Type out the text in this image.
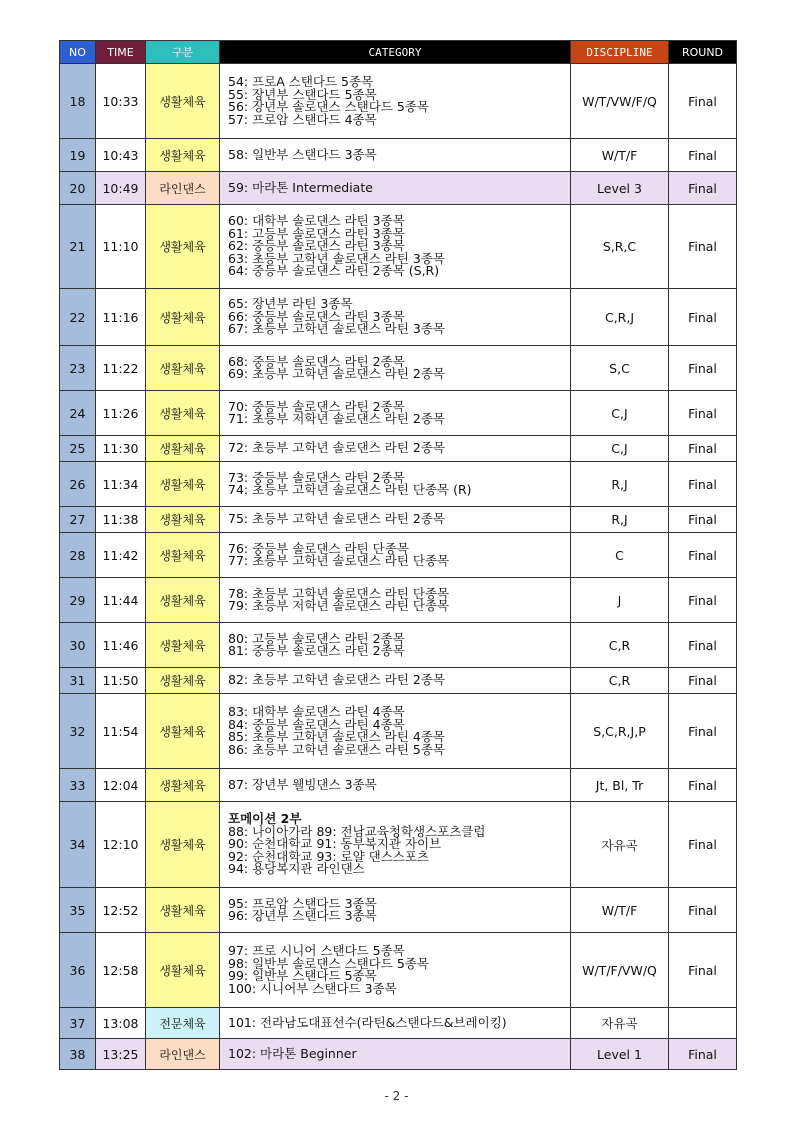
NO	TIME	구분	CATEGORY	DISCIPLINE	ROUND
18	10:33	생활체육	54: 프로A 스탠다드 5종목
55: 장년부 스탠다드 5종목
56: 장년부 솔로댄스 스탠다드 5종목
57: 프로암 스탠다드 4종목	W/T/VW/F/Q	Final
19	10:43	생활체육	58: 일반부 스탠다드 3종목	W/T/F	Final
20	10:49	라인댄스	59: 마라톤 Intermediate	Level 3	Final
21	11:10	생활체육	60: 대학부 솔로댄스 라틴 3종목
61: 고등부 솔로댄스 라틴 3종목
62: 중등부 솔로댄스 라틴 3종목
63: 초등부 고학년 솔로댄스 라틴 3종목
64: 중등부 솔로댄스 라틴 2종목 (S,R)	S,R,C	Final
22	11:16	생활체육	65: 장년부 라틴 3종목
66: 중등부 솔로댄스 라틴 3종목
67: 초등부 고학년 솔로댄스 라틴 3종목	C,R,J	Final
23	11:22	생활체육	68: 중등부 솔로댄스 라틴 2종목
69: 초등부 고학년 솔로댄스 라틴 2종목	S,C	Final
24	11:26	생활체육	70: 중등부 솔로댄스 라틴 2종목
71: 초등부 저학년 솔로댄스 라틴 2종목	C,J	Final
25	11:30	생활체육	72: 초등부 고학년 솔로댄스 라틴 2종목	C,J	Final
26	11:34	생활체육	73: 중등부 솔로댄스 라틴 2종목
74: 초등부 고학년 솔로댄스 라틴 단종목 (R)	R,J	Final
27	11:38	생활체육	75: 초등부 고학년 솔로댄스 라틴 2종목	R,J	Final
28	11:42	생활체육	76: 중등부 솔로댄스 라틴 단종목
77: 초등부 고학년 솔로댄스 라틴 단종목	C	Final
29	11:44	생활체육	78: 초등부 고학년 솔로댄스 라틴 단종목
79: 초등부 저학년 솔로댄스 라틴 단종목	J	Final
30	11:46	생활체육	80: 고등부 솔로댄스 라틴 2종목
81: 중등부 솔로댄스 라틴 2종목	C,R	Final
31	11:50	생활체육	82: 초등부 고학년 솔로댄스 라틴 2종목	C,R	Final
32	11:54	생활체육	83: 대학부 솔로댄스 라틴 4종목
84: 중등부 솔로댄스 라틴 4종목
85: 초등부 고학년 솔로댄스 라틴 4종목
86: 초등부 고학년 솔로댄스 라틴 5종목	S,C,R,J,P	Final
33	12:04	생활체육	87: 장년부 웰빙댄스 3종목	Jt, Bl, Tr	Final
34	12:10	생활체육	포메이션 2부
88: 나이아가라 89: 전남교육청학생스포츠클럽
90: 순천대학교 91: 동부복지관 자이브
92: 순천대학교 93: 로얄 댄스스포츠
94: 용당복지관 라인댄스	자유곡	Final
35	12:52	생활체육	95: 프로암 스탠다드 3종목
96: 장년부 스탠다드 3종목	W/T/F	Final
36	12:58	생활체육	97: 프로 시니어 스탠다드 5종목
98: 일반부 솔로댄스 스탠다드 5종목
99: 일반부 스탠다드 5종목
100: 시니어부 스탠다드 3종목	W/T/F/VW/Q	Final
37	13:08	전문체육	101: 전라남도대표선수(라틴&스탠다드&브레이킹)	자유곡	
38	13:25	라인댄스	102: 마라톤 Beginner	Level 1	Final
- 2 -
